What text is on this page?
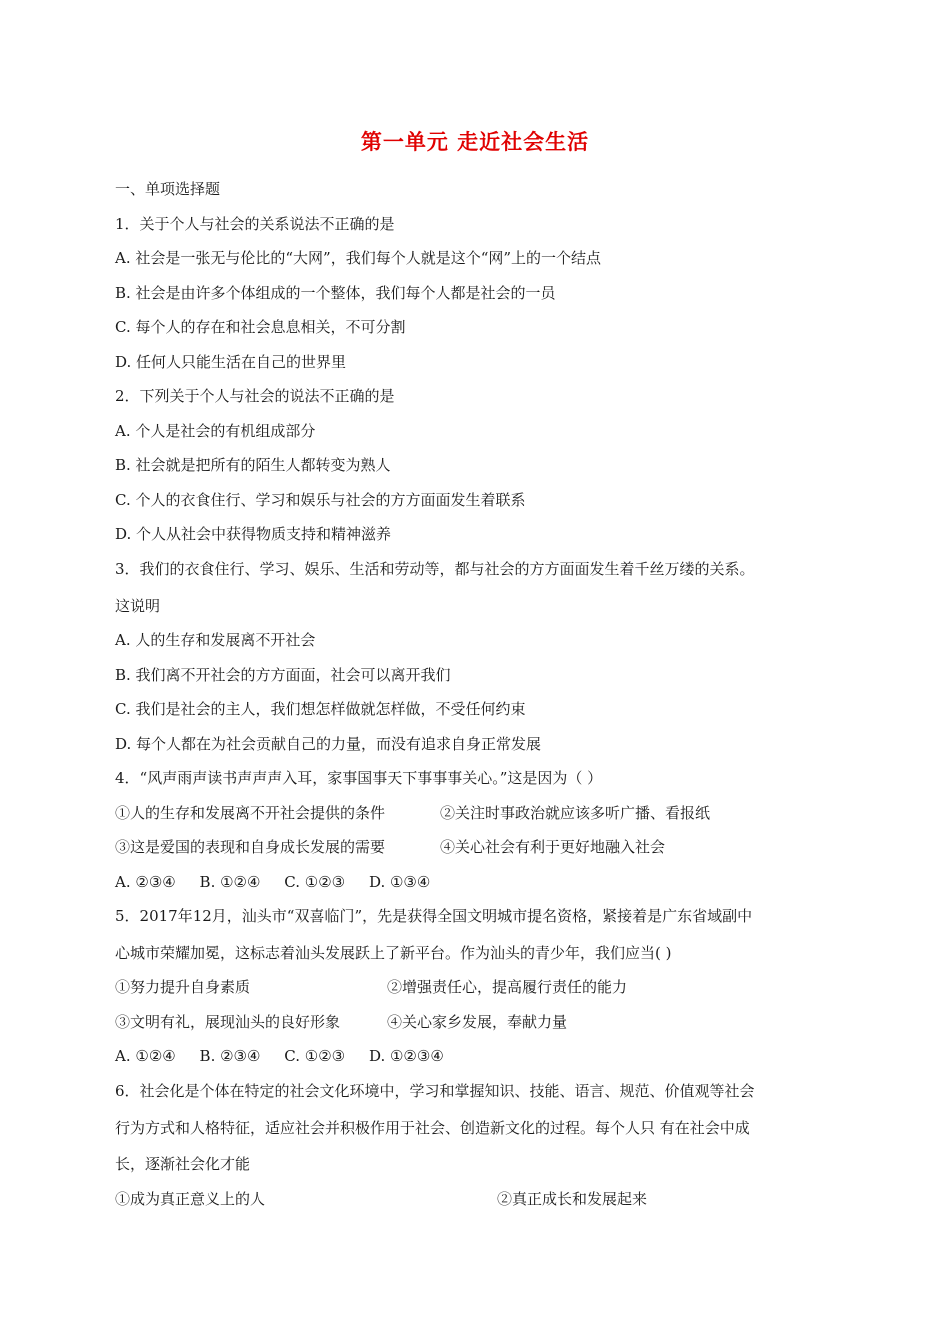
第一单元 走近社会生活
一、单项选择题
1．关于个人与社会的关系说法不正确的是
A. 社会是一张无与伦比的“大网”，我们每个人就是这个“网”上的一个结点
B. 社会是由许多个体组成的一个整体，我们每个人都是社会的一员
C. 每个人的存在和社会息息相关，不可分割
D. 任何人只能生活在自己的世界里
2．下列关于个人与社会的说法不正确的是
A. 个人是社会的有机组成部分
B. 社会就是把所有的陌生人都转变为熟人
C. 个人的衣食住行、学习和娱乐与社会的方方面面发生着联系
D. 个人从社会中获得物质支持和精神滋养
3．我们的衣食住行、学习、娱乐、生活和劳动等，都与社会的方方面面发生着千丝万缕的关系。
这说明
A. 人的生存和发展离不开社会
B. 我们离不开社会的方方面面，社会可以离开我们
C. 我们是社会的主人，我们想怎样做就怎样做，不受任何约束
D. 每个人都在为社会贡献自己的力量，而没有追求自身正常发展
4．“风声雨声读书声声声入耳，家事国事天下事事事关心。”这是因为（ ）
①人的生存和发展离不开社会提供的条件	②关注时事政治就应该多听广播、看报纸
③这是爱国的表现和自身成长发展的需要	④关心社会有利于更好地融入社会
A. ②③④     B. ①②④     C. ①②③     D. ①③④
5．2017年12月，汕头市“双喜临门”，先是获得全国文明城市提名资格，紧接着是广东省域副中
心城市荣耀加冕，这标志着汕头发展跃上了新平台。作为汕头的青少年，我们应当( )
①努力提升自身素质	②增强责任心，提高履行责任的能力
③文明有礼，展现汕头的良好形象	④关心家乡发展，奉献力量
A. ①②④     B. ②③④     C. ①②③     D. ①②③④
6．社会化是个体在特定的社会文化环境中，学习和掌握知识、技能、语言、规范、价值观等社会
行为方式和人格特征，适应社会并积极作用于社会、创造新文化的过程。每个人只 有在社会中成
长，逐渐社会化才能
①成为真正意义上的人	②真正成长和发展起来
